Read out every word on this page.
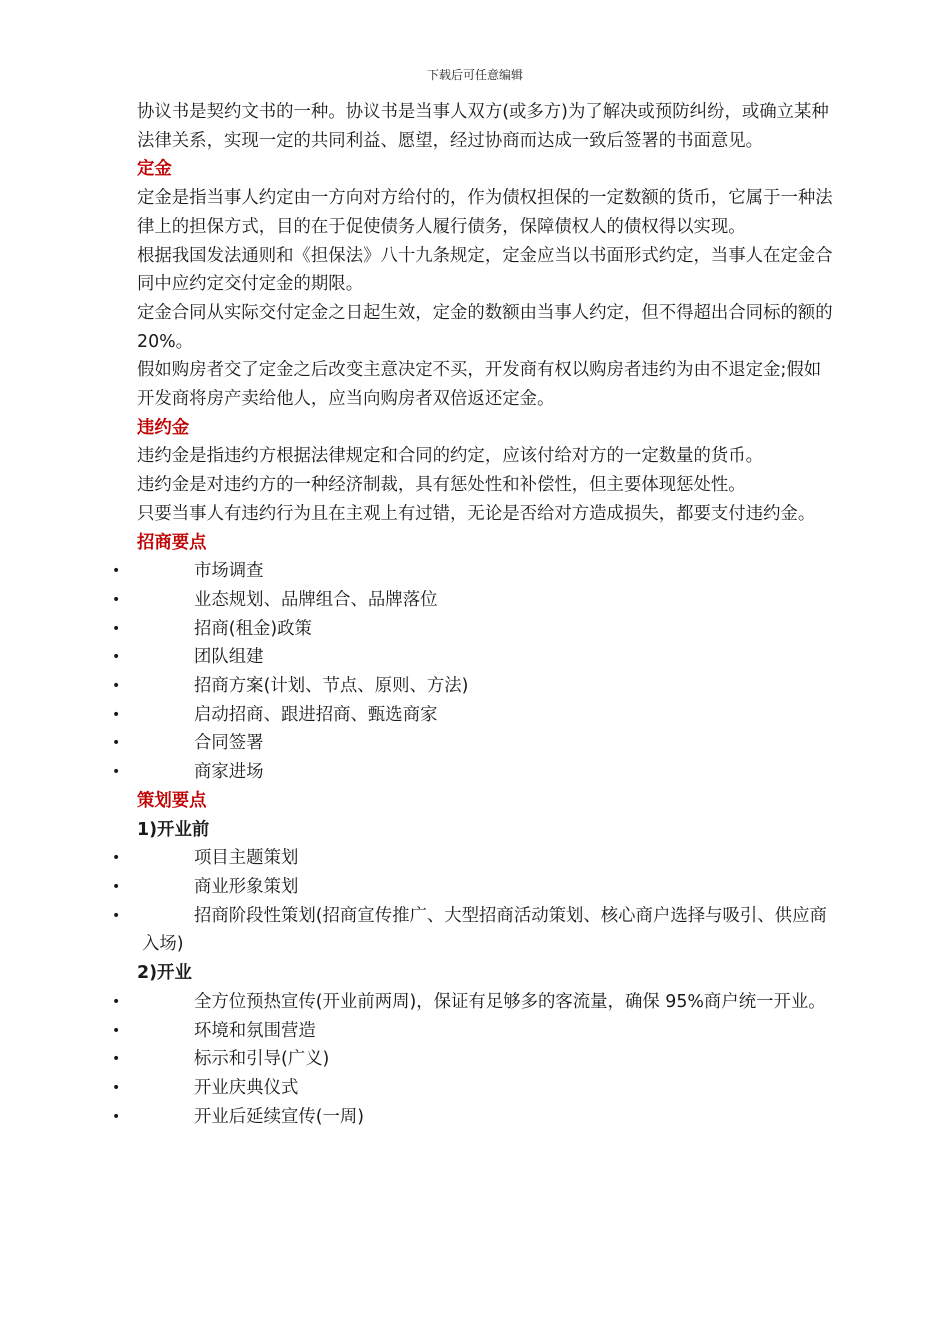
下载后可任意编辑

协议书是契约文书的一种。协议书是当事人双方(或多方)为了解决或预防纠纷，或确立某种法律关系，实现一定的共同利益、愿望，经过协商而达成一致后签署的书面意见。

定金

定金是指当事人约定由一方向对方给付的，作为债权担保的一定数额的货币，它属于一种法律上的担保方式，目的在于促使债务人履行债务，保障债权人的债权得以实现。

根据我国发法通则和《担保法》八十九条规定，定金应当以书面形式约定，当事人在定金合同中应约定交付定金的期限。

定金合同从实际交付定金之日起生效，定金的数额由当事人约定，但不得超出合同标的额的 20%。

假如购房者交了定金之后改变主意决定不买，开发商有权以购房者违约为由不退定金;假如开发商将房产卖给他人，应当向购房者双倍返还定金。

违约金

违约金是指违约方根据法律规定和合同的约定，应该付给对方的一定数量的货币。

违约金是对违约方的一种经济制裁，具有惩处性和补偿性，但主要体现惩处性。

只要当事人有违约行为且在主观上有过错，无论是否给对方造成损失，都要支付违约金。

招商要点

•	市场调查
•	业态规划、品牌组合、品牌落位
•	招商(租金)政策
•	团队组建
•	招商方案(计划、节点、原则、方法)
•	启动招商、跟进招商、甄选商家
•	合同签署
•	商家进场

策划要点

1)开业前

•	项目主题策划
•	商业形象策划
•	招商阶段性策划(招商宣传推广、大型招商活动策划、核心商户选择与吸引、供应商入场)

2)开业

•	全方位预热宣传(开业前两周)，保证有足够多的客流量，确保 95%商户统一开业。
•	环境和氛围营造
•	标示和引导(广义)
•	开业庆典仪式
•	开业后延续宣传(一周)
